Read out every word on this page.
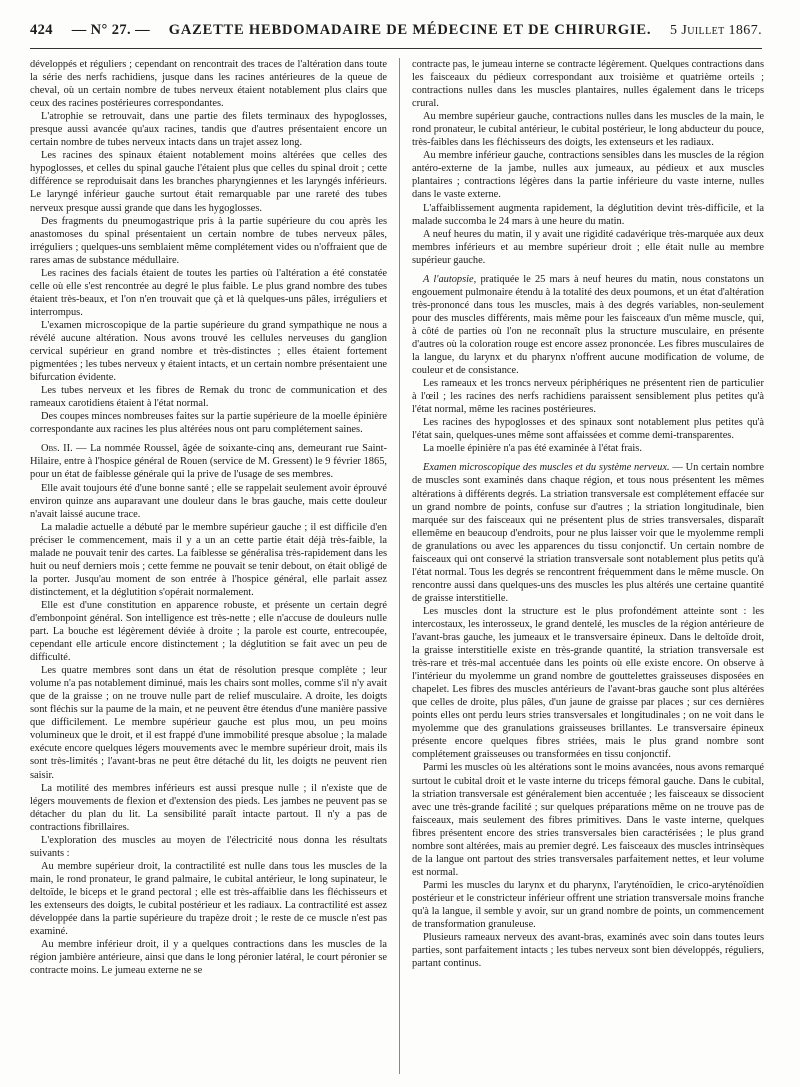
424 — N° 27. — GAZETTE HEBDOMADAIRE DE MÉDECINE ET DE CHIRURGIE. 5 Juillet 1867.

développés et réguliers ; cependant on rencontrait des traces de l'altération dans toute la série des nerfs rachidiens, jusque dans les racines antérieures de la queue de cheval, où un certain nombre de tubes nerveux étaient notablement plus clairs que ceux des racines postérieures correspondantes.

L'atrophie se retrouvait, dans une partie des filets terminaux des hypoglosses, presque aussi avancée qu'aux racines, tandis que d'autres présentaient encore un certain nombre de tubes nerveux intacts dans un trajet assez long.

Les racines des spinaux étaient notablement moins altérées que celles des hypoglosses, et celles du spinal gauche l'étaient plus que celles du spinal droit ; cette différence se reproduisait dans les branches pharyngiennes et les laryngés inférieurs. Le laryngé inférieur gauche surtout était remarquable par une rareté des tubes nerveux presque aussi grande que dans les hygoglosses.

Des fragments du pneumogastrique pris à la partie supérieure du cou après les anastomoses du spinal présentaient un certain nombre de tubes nerveux pâles, irréguliers ; quelques-uns semblaient même complétement vides ou n'offraient que de rares amas de substance médullaire.

Les racines des facials étaient de toutes les parties où l'altération a été constatée celle où elle s'est rencontrée au degré le plus faible. Le plus grand nombre des tubes étaient très-beaux, et l'on n'en trouvait que çà et là quelques-uns pâles, irréguliers et interrompus.

L'examen microscopique de la partie supérieure du grand sympathique ne nous a révélé aucune altération. Nous avons trouvé les cellules nerveuses du ganglion cervical supérieur en grand nombre et très-distinctes ; elles étaient fortement pigmentées ; les tubes nerveux y étaient intacts, et un certain nombre présentaient une bifurcation évidente.

Les tubes nerveux et les fibres de Remak du tronc de communication et des rameaux carotidiens étaient à l'état normal.

Des coupes minces nombreuses faites sur la partie supérieure de la moelle épinière correspondante aux racines les plus altérées nous ont paru complétement saines.

Obs. II. — La nommée Roussel, âgée de soixante-cinq ans, demeurant rue Saint-Hilaire, entre à l'hospice général de Rouen (service de M. Gressent) le 9 février 1865, pour un état de faiblesse générale qui la prive de l'usage de ses membres.

Elle avait toujours été d'une bonne santé ; elle se rappelait seulement avoir éprouvé environ quinze ans auparavant une douleur dans le bras gauche, mais cette douleur n'avait laissé aucune trace.

La maladie actuelle a débuté par le membre supérieur gauche ; il est difficile d'en préciser le commencement, mais il y a un an cette partie était déjà très-faible, la malade ne pouvait tenir des cartes. La faiblesse se généralisa très-rapidement dans les huit ou neuf derniers mois ; cette femme ne pouvait se tenir debout, on était obligé de la porter. Jusqu'au moment de son entrée à l'hospice général, elle parlait assez distinctement, et la déglutition s'opérait normalement.

Elle est d'une constitution en apparence robuste, et présente un certain degré d'embonpoint général. Son intelligence est très-nette ; elle n'accuse de douleurs nulle part. La bouche est légèrement déviée à droite ; la parole est courte, entrecoupée, cependant elle articule encore distinctement ; la déglutition se fait avec un peu de difficulté.

Les quatre membres sont dans un état de résolution presque complète ; leur volume n'a pas notablement diminué, mais les chairs sont molles, comme s'il n'y avait que de la graisse ; on ne trouve nulle part de relief musculaire. A droite, les doigts sont fléchis sur la paume de la main, et ne peuvent être étendus d'une manière passive que difficilement. Le membre supérieur gauche est plus mou, un peu moins volumineux que le droit, et il est frappé d'une immobilité presque absolue ; la malade exécute encore quelques légers mouvements avec le membre supérieur droit, mais ils sont très-limités ; l'avant-bras ne peut être détaché du lit, les doigts ne peuvent rien saisir.

La motilité des membres inférieurs est aussi presque nulle ; il n'existe que de légers mouvements de flexion et d'extension des pieds. Les jambes ne peuvent pas se détacher du plan du lit. La sensibilité paraît intacte partout. Il n'y a pas de contractions fibrillaires.

L'exploration des muscles au moyen de l'électricité nous donna les résultats suivants :

Au membre supérieur droit, la contractilité est nulle dans tous les muscles de la main, le rond pronateur, le grand palmaire, le cubital antérieur, le long supinateur, le deltoïde, le biceps et le grand pectoral ; elle est très-affaiblie dans les fléchisseurs et les extenseurs des doigts, le cubital postérieur et les radiaux. La contractilité est assez développée dans la partie supérieure du trapèze droit ; le reste de ce muscle n'est pas examiné.

Au membre inférieur droit, il y a quelques contractions dans les muscles de la région jambière antérieure, ainsi que dans le long péronier latéral, le court péronier se contracte moins. Le jumeau externe ne se

contracte pas, le jumeau interne se contracte légèrement. Quelques contractions dans les faisceaux du pédieux correspondant aux troisième et quatrième orteils ; contractions nulles dans les muscles plantaires, nulles également dans le triceps crural.

Au membre supérieur gauche, contractions nulles dans les muscles de la main, le rond pronateur, le cubital antérieur, le cubital postérieur, le long abducteur du pouce, très-faibles dans les fléchisseurs des doigts, les extenseurs et les radiaux.

Au membre inférieur gauche, contractions sensibles dans les muscles de la région antéro-externe de la jambe, nulles aux jumeaux, au pédieux et aux muscles plantaires ; contractions légères dans la partie inférieure du vaste interne, nulles dans le vaste externe.

L'affaiblissement augmenta rapidement, la déglutition devint très-difficile, et la malade succomba le 24 mars à une heure du matin.

A neuf heures du matin, il y avait une rigidité cadavérique très-marquée aux deux membres inférieurs et au membre supérieur droit ; elle était nulle au membre supérieur gauche.

A l'autopsie, pratiquée le 25 mars à neuf heures du matin, nous constatons un engouement pulmonaire étendu à la totalité des deux poumons, et un état d'altération très-prononcé dans tous les muscles, mais à des degrés variables, non-seulement pour des muscles différents, mais même pour les faisceaux d'un même muscle, qui, à côté de parties où l'on ne reconnaît plus la structure musculaire, en présente d'autres où la coloration rouge est encore assez prononcée. Les fibres musculaires de la langue, du larynx et du pharynx n'offrent aucune modification de volume, de couleur et de consistance.

Les rameaux et les troncs nerveux périphériques ne présentent rien de particulier à l'œil ; les racines des nerfs rachidiens paraissent sensiblement plus petites qu'à l'état normal, même les racines postérieures.

Les racines des hypoglosses et des spinaux sont notablement plus petites qu'à l'état sain, quelques-unes même sont affaissées et comme demi-transparentes.

La moelle épinière n'a pas été examinée à l'état frais.

Examen microscopique des muscles et du système nerveux. — Un certain nombre de muscles sont examinés dans chaque région, et tous nous présentent les mêmes altérations à différents degrés. La striation transversale est complétement effacée sur un grand nombre de points, confuse sur d'autres ; la striation longitudinale, bien marquée sur des faisceaux qui ne présentent plus de stries transversales, disparaît ellemême en beaucoup d'endroits, pour ne plus laisser voir que le myolemme rempli de granulations ou avec les apparences du tissu conjonctif. Un certain nombre de faisceaux qui ont conservé la striation transversale sont notablement plus petits qu'à l'état normal. Tous les degrés se rencontrent fréquemment dans le même muscle. On rencontre aussi dans quelques-uns des muscles les plus altérés une certaine quantité de graisse interstitielle.

Les muscles dont la structure est le plus profondément atteinte sont : les intercostaux, les interosseux, le grand dentelé, les muscles de la région antérieure de l'avant-bras gauche, les jumeaux et le transversaire épineux. Dans le deltoïde droit, la graisse interstitielle existe en très-grande quantité, la striation transversale est très-rare et très-mal accentuée dans les points où elle existe encore. On observe à l'intérieur du myolemme un grand nombre de gouttelettes graisseuses disposées en chapelet. Les fibres des muscles antérieurs de l'avant-bras gauche sont plus altérées que celles de droite, plus pâles, d'un jaune de graisse par places ; sur ces dernières points elles ont perdu leurs stries transversales et longitudinales ; on ne voit dans le myolemme que des granulations graisseuses brillantes. Le transversaire épineux présente encore quelques fibres striées, mais le plus grand nombre sont complétement graisseuses ou transformées en tissu conjonctif.

Parmi les muscles où les altérations sont le moins avancées, nous avons remarqué surtout le cubital droit et le vaste interne du triceps fémoral gauche. Dans le cubital, la striation transversale est généralement bien accentuée ; les faisceaux se dissocient avec une très-grande facilité ; sur quelques préparations même on ne trouve pas de faisceaux, mais seulement des fibres primitives. Dans le vaste interne, quelques fibres présentent encore des stries transversales bien caractérisées ; le plus grand nombre sont altérées, mais au premier degré. Les faisceaux des muscles intrinsèques de la langue ont partout des stries transversales parfaitement nettes, et leur volume est normal.

Parmi les muscles du larynx et du pharynx, l'aryténoïdien, le crico-aryténoïdien postérieur et le constricteur inférieur offrent une striation transversale moins franche qu'à la langue, il semble y avoir, sur un grand nombre de points, un commencement de transformation granuleuse.

Plusieurs rameaux nerveux des avant-bras, examinés avec soin dans toutes leurs parties, sont parfaitement intacts ; les tubes nerveux sont bien développés, réguliers, partant continus.
